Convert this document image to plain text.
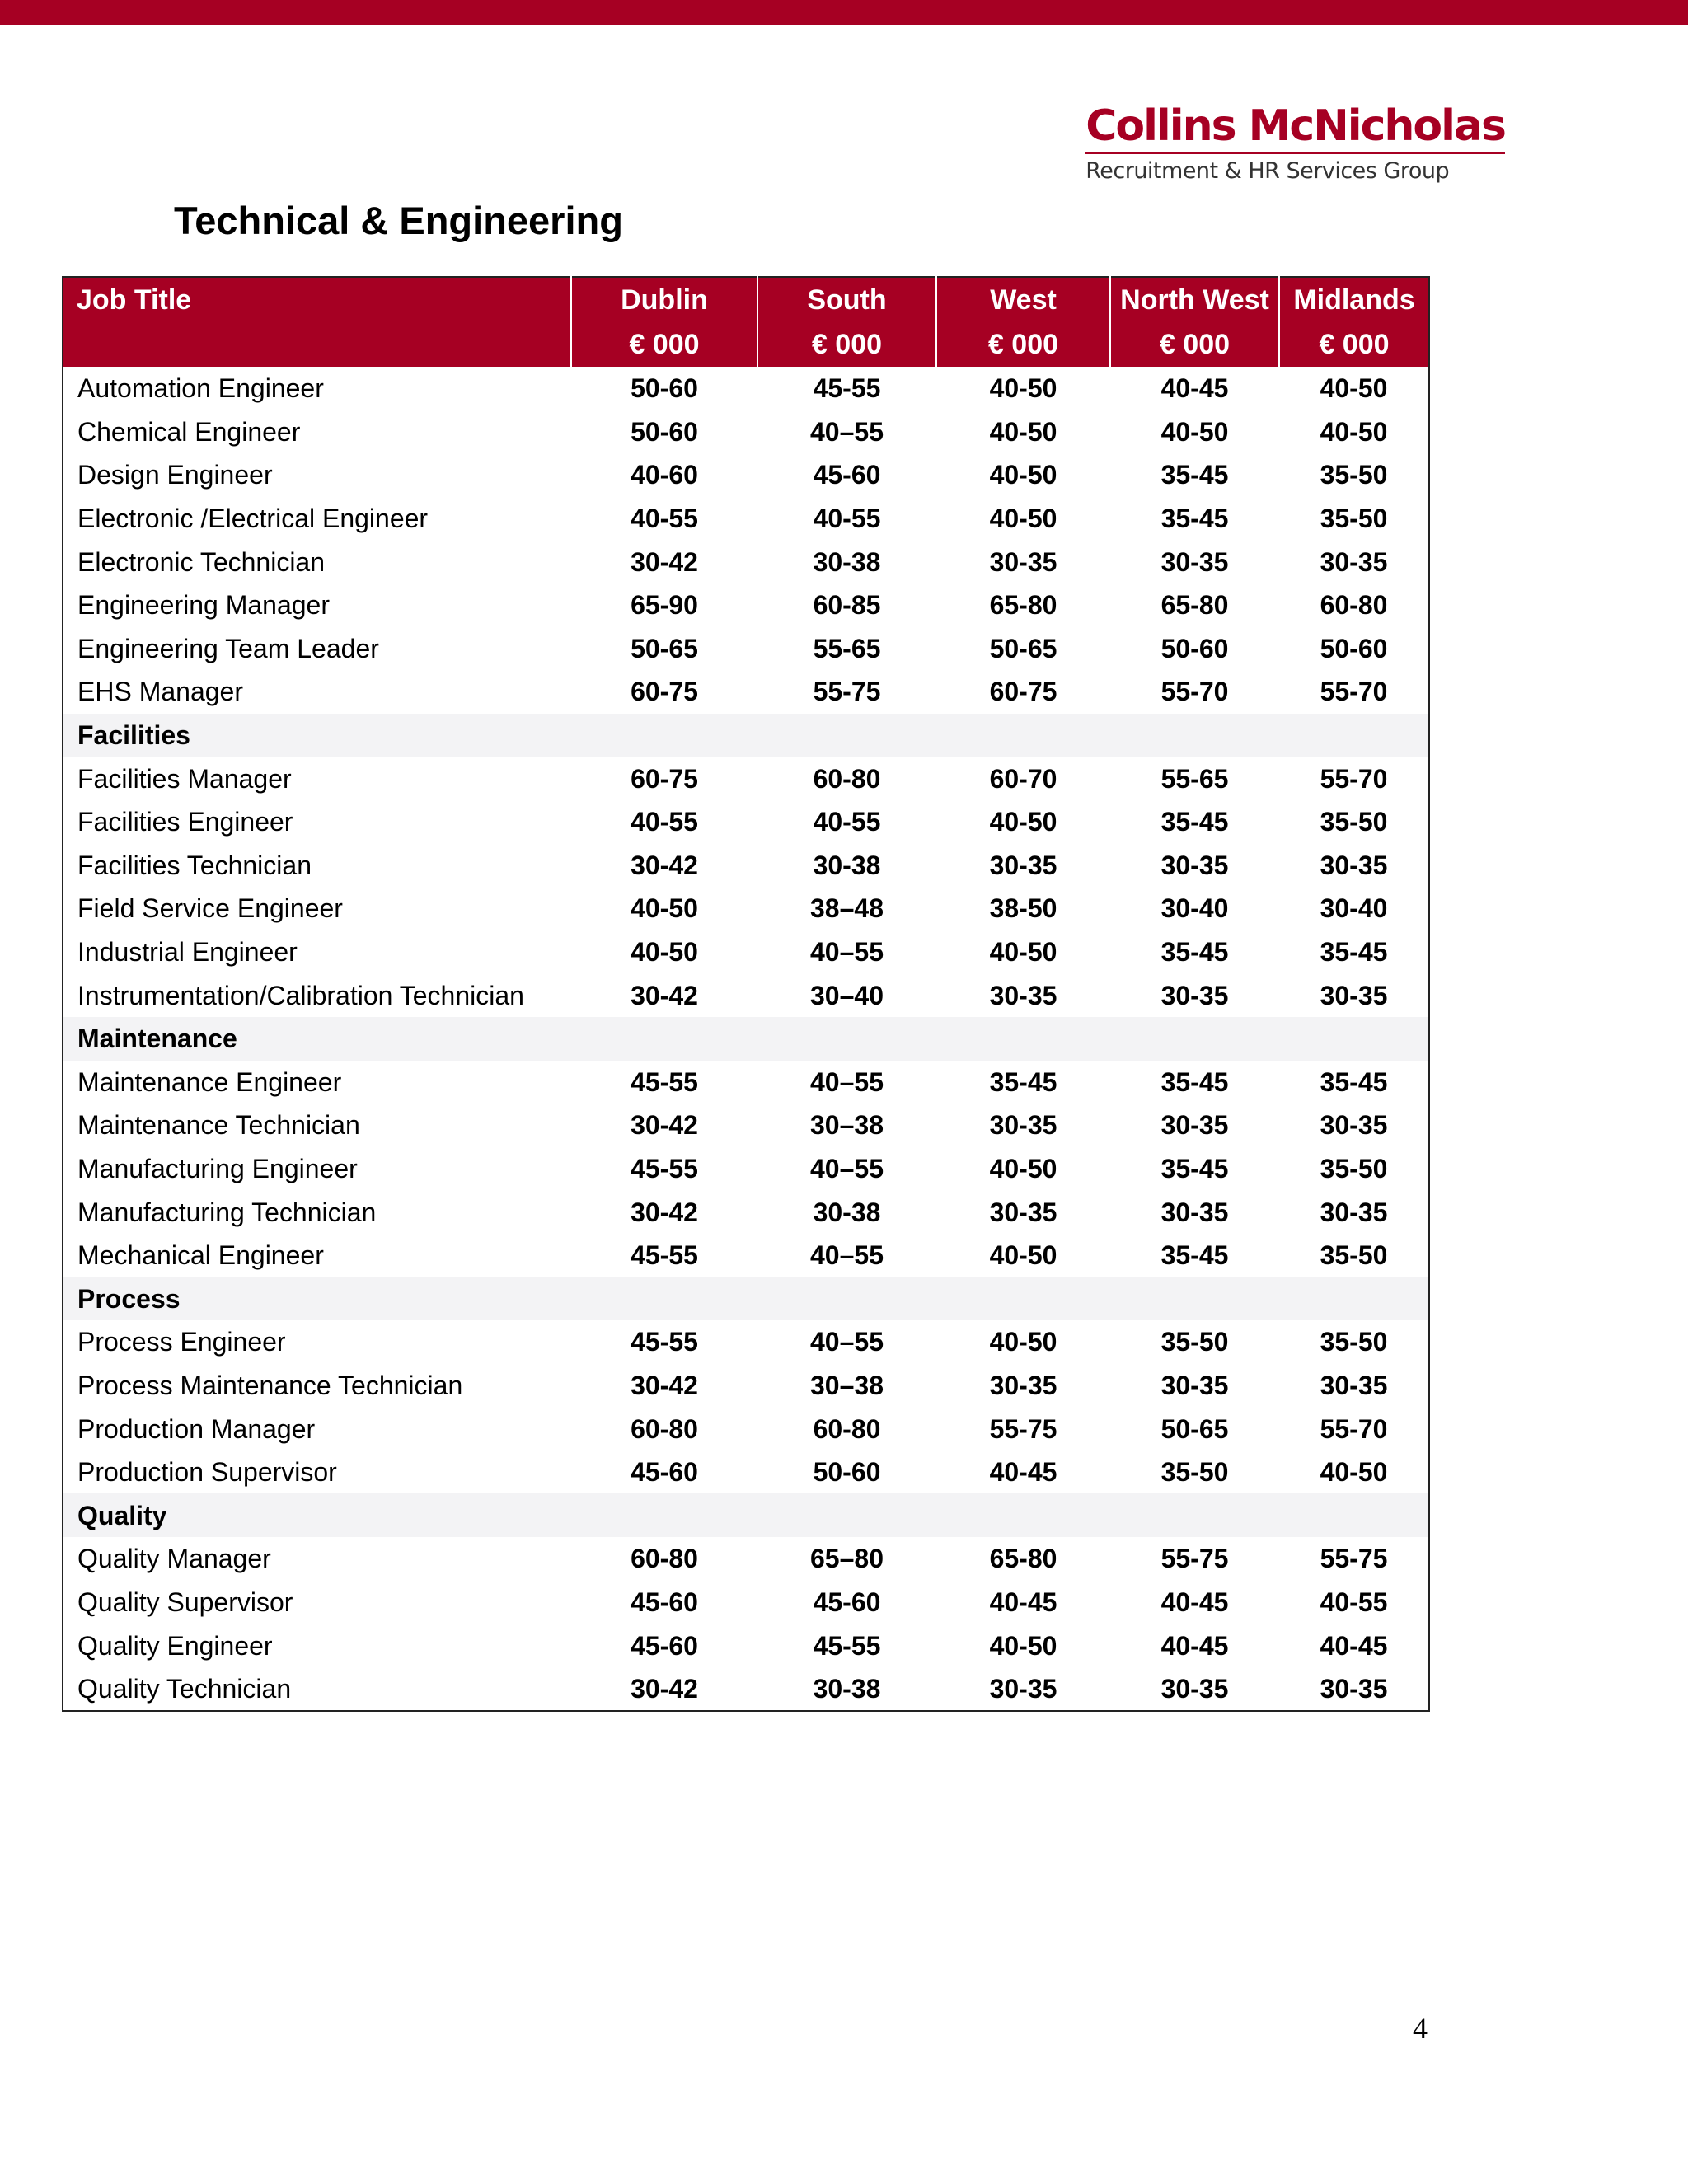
Collins McNicholas
Recruitment & HR Services Group
Technical & Engineering
Job Title	Dublin	South	West	North West	Midlands
	€ 000	€ 000	€ 000	€ 000	€ 000
Automation Engineer	50-60	45-55	40-50	40-45	40-50
Chemical Engineer	50-60	40–55	40-50	40-50	40-50
Design Engineer	40-60	45-60	40-50	35-45	35-50
Electronic /Electrical Engineer	40-55	40-55	40-50	35-45	35-50
Electronic Technician	30-42	30-38	30-35	30-35	30-35
Engineering Manager	65-90	60-85	65-80	65-80	60-80
Engineering Team Leader	50-65	55-65	50-65	50-60	50-60
EHS Manager	60-75	55-75	60-75	55-70	55-70
Facilities					
Facilities Manager	60-75	60-80	60-70	55-65	55-70
Facilities Engineer	40-55	40-55	40-50	35-45	35-50
Facilities Technician	30-42	30-38	30-35	30-35	30-35
Field Service Engineer	40-50	38–48	38-50	30-40	30-40
Industrial Engineer	40-50	40–55	40-50	35-45	35-45
Instrumentation/Calibration Technician	30-42	30–40	30-35	30-35	30-35
Maintenance					
Maintenance Engineer	45-55	40–55	35-45	35-45	35-45
Maintenance Technician	30-42	30–38	30-35	30-35	30-35
Manufacturing Engineer	45-55	40–55	40-50	35-45	35-50
Manufacturing Technician	30-42	30-38	30-35	30-35	30-35
Mechanical Engineer	45-55	40–55	40-50	35-45	35-50
Process					
Process Engineer	45-55	40–55	40-50	35-50	35-50
Process Maintenance Technician	30-42	30–38	30-35	30-35	30-35
Production Manager	60-80	60-80	55-75	50-65	55-70
Production Supervisor	45-60	50-60	40-45	35-50	40-50
Quality					
Quality Manager	60-80	65–80	65-80	55-75	55-75
Quality Supervisor	45-60	45-60	40-45	40-45	40-55
Quality Engineer	45-60	45-55	40-50	40-45	40-45
Quality Technician	30-42	30-38	30-35	30-35	30-35

4
